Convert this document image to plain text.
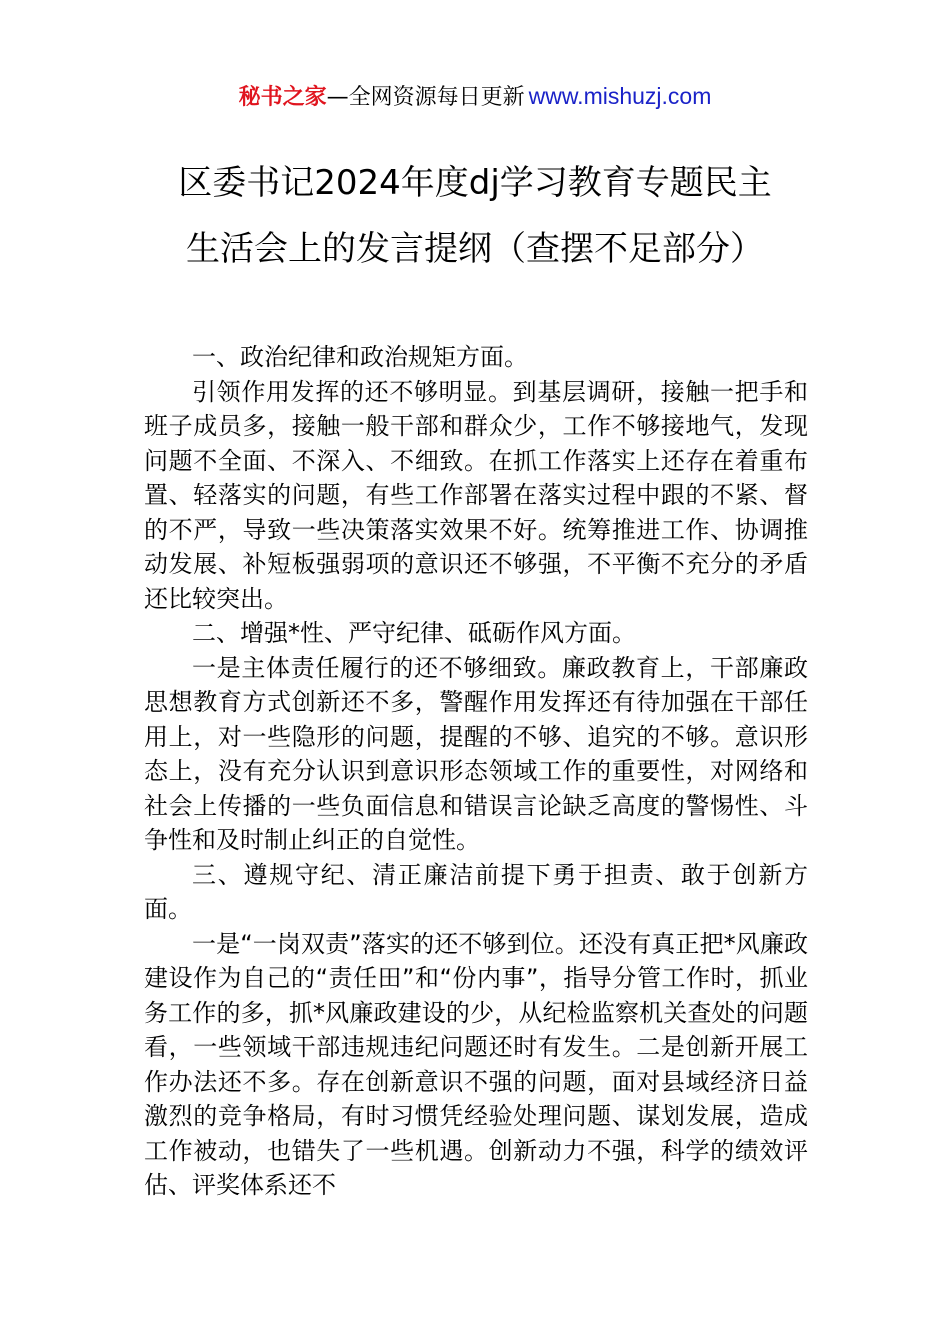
秘书之家—全网资源每日更新 www.mishuzj.com
区委书记2024年度dj学习教育专题民主
生活会上的发言提纲（查摆不足部分）

一、政治纪律和政治规矩方面。

引领作用发挥的还不够明显。到基层调研，接触一把手和班子成员多，接触一般干部和群众少，工作不够接地气，发现问题不全面、不深入、不细致。在抓工作落实上还存在着重布置、轻落实的问题，有些工作部署在落实过程中跟的不紧、督的不严，导致一些决策落实效果不好。统筹推进工作、协调推动发展、补短板强弱项的意识还不够强，不平衡不充分的矛盾还比较突出。

二、增强*性、严守纪律、砥砺作风方面。

一是主体责任履行的还不够细致。廉政教育上，干部廉政思想教育方式创新还不多，警醒作用发挥还有待加强在干部任用上，对一些隐形的问题，提醒的不够、追究的不够。意识形态上，没有充分认识到意识形态领域工作的重要性，对网络和社会上传播的一些负面信息和错误言论缺乏高度的警惕性、斗争性和及时制止纠正的自觉性。

三、遵规守纪、清正廉洁前提下勇于担责、敢于创新方面。

一是“一岗双责”落实的还不够到位。还没有真正把*风廉政建设作为自己的“责任田”和“份内事”，指导分管工作时，抓业务工作的多，抓*风廉政建设的少，从纪检监察机关查处的问题看，一些领域干部违规违纪问题还时有发生。二是创新开展工作办法还不多。存在创新意识不强的问题，面对县域经济日益激烈的竞争格局，有时习惯凭经验处理问题、谋划发展，造成工作被动，也错失了一些机遇。创新动力不强，科学的绩效评估、评奖体系还不
